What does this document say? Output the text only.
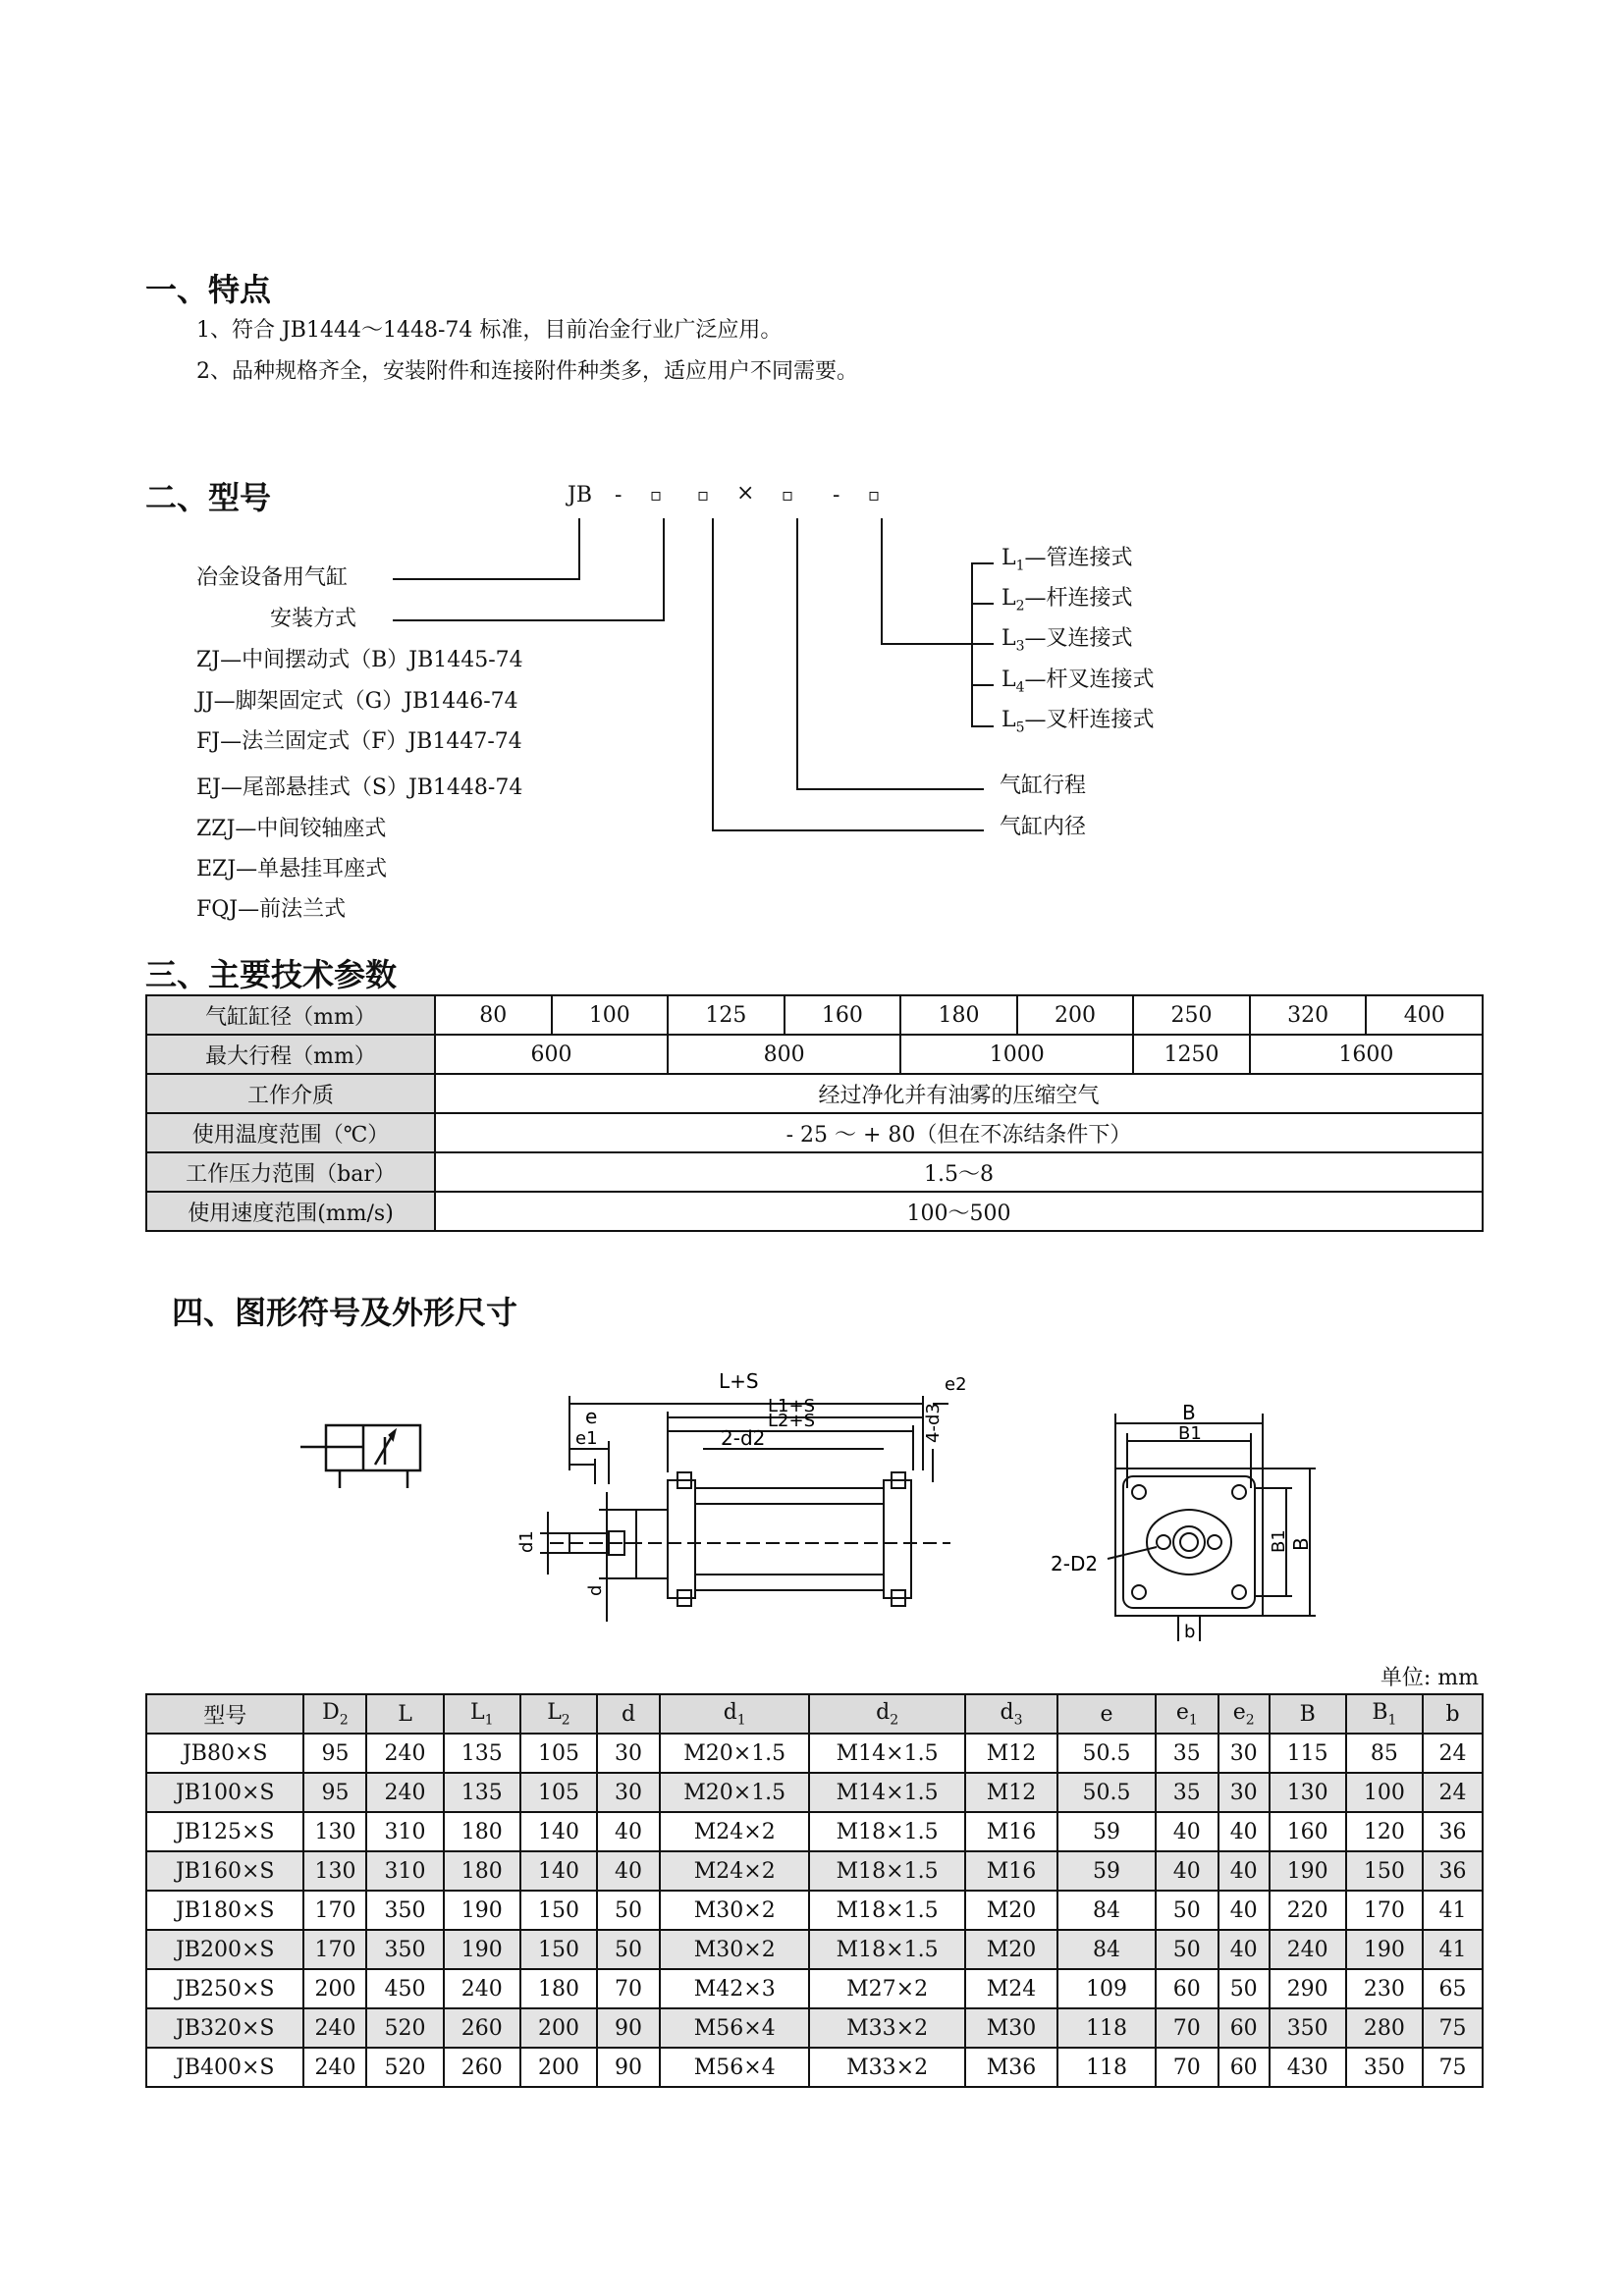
一、特点
1、符合 JB1444～1448-74 标准，目前冶金行业广泛应用。
2、品种规格齐全，安装附件和连接附件种类多，适应用户不同需要。
二、型号	JB - ▫ ▫ × ▫ - ▫
冶金设备用气缸
安装方式
ZJ—中间摆动式（B）JB1445-74
JJ—脚架固定式（G）JB1446-74
FJ—法兰固定式（F）JB1447-74
EJ—尾部悬挂式（S）JB1448-74
ZZJ—中间铰轴座式
EZJ—单悬挂耳座式
FQJ—前法兰式
$L_1—$管连接式
$L_2—$杆连接式
$L_3—$叉连接式
$L_4—$杆叉连接式
$L_5—$叉杆连接式
气缸行程
气缸内径
三、主要技术参数
气缸缸径（mm）	80	100	125	160	180	200	250	320	400
最大行程（mm）	600		800		1000		1250	1600	
工作介质	经过净化并有油雾的压缩空气								
使用温度范围（℃）	- 25 ～ + 80（但在不冻结条件下）								
工作压力范围（bar）	1.5～8								
使用速度范围(mm/s)	100～500								
四、图形符号及外形尺寸
L+S
L1+S
L2+S
e2
e
e1	2-d2	4-d3
d1
d
B
B1
B1 B
2-D2
b
单位: mm
型号	$D_2$	L	$L_1$	$L_2$	d	$d_1$	$d_2$	$d_3$	e	$e_1$	$e_2$	B	$B_1$	b
JB80×S	95	240	135	105	30	M20×1.5	M14×1.5	M12	50.5	35	30	115	85	24
JB100×S	95	240	135	105	30	M20×1.5	M14×1.5	M12	50.5	35	30	130	100	24
JB125×S	130	310	180	140	40	M24×2	M18×1.5	M16	59	40	40	160	120	36
JB160×S	130	310	180	140	40	M24×2	M18×1.5	M16	59	40	40	190	150	36
JB180×S	170	350	190	150	50	M30×2	M18×1.5	M20	84	50	40	220	170	41
JB200×S	170	350	190	150	50	M30×2	M18×1.5	M20	84	50	40	240	190	41
JB250×S	200	450	240	180	70	M42×3	M27×2	M24	109	60	50	290	230	65
JB320×S	240	520	260	200	90	M56×4	M33×2	M30	118	70	60	350	280	75
JB400×S	240	520	260	200	90	M56×4	M33×2	M36	118	70	60	430	350	75
